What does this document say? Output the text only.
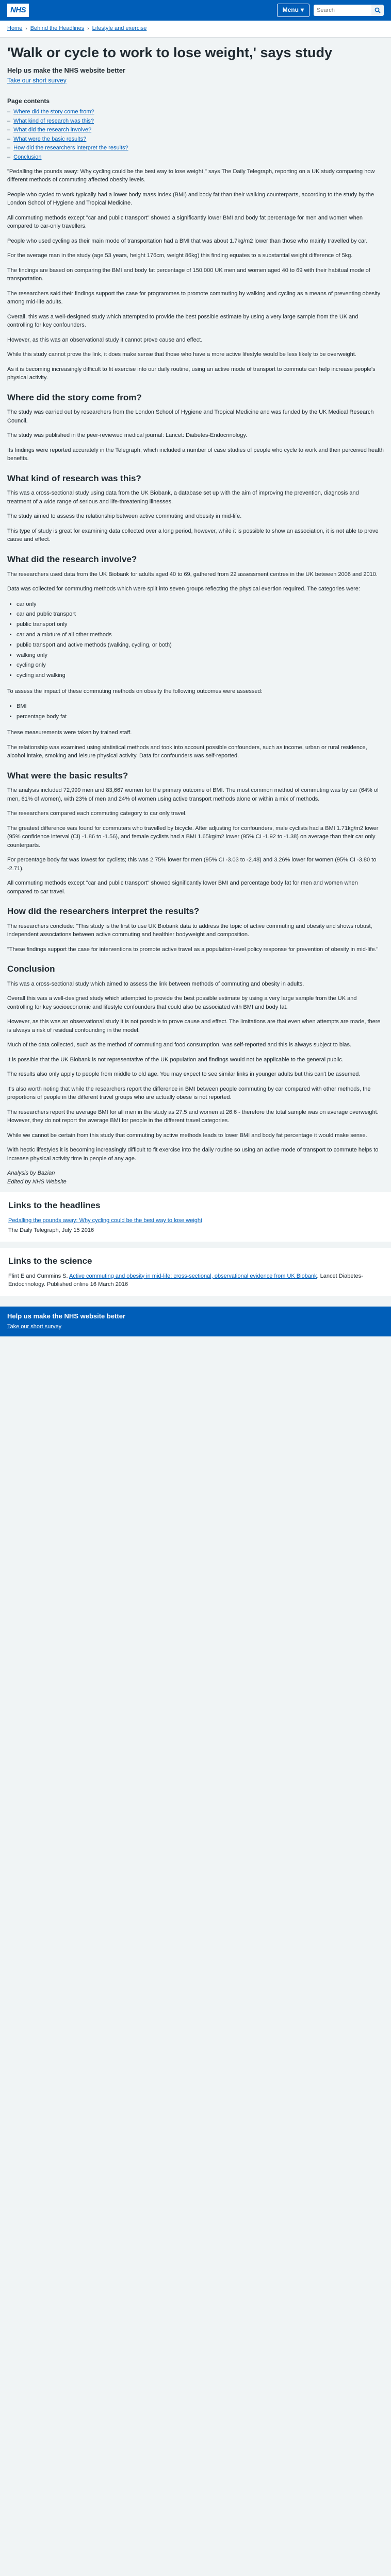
NHS	Menu ▾
Search
Home › Behind the Headlines › Lifestyle and exercise
'Walk or cycle to work to lose weight,' says study
Help us make the NHS website better
Take our short survey
Page contents
– Where did the story come from?
– What kind of research was this?
– What did the research involve?
– What were the basic results?
– How did the researchers interpret the results?
– Conclusion

"Pedalling the pounds away: Why cycling could be the best way to lose weight," says The Daily Telegraph, reporting on a UK study comparing how different methods of commuting affected obesity levels.

People who cycled to work typically had a lower body mass index (BMI) and body fat than their walking counterparts, according to the study by the London School of Hygiene and Tropical Medicine.

All commuting methods except "car and public transport" showed a significantly lower BMI and body fat percentage for men and women when compared to car-only travellers.

People who used cycling as their main mode of transportation had a BMI that was about 1.7kg/m2 lower than those who mainly travelled by car.

For the average man in the study (age 53 years, height 176cm, weight 86kg) this finding equates to a substantial weight difference of 5kg.

The findings are based on comparing the BMI and body fat percentage of 150,000 UK men and women aged 40 to 69 with their habitual mode of transportation.

The researchers said their findings support the case for programmes to promote commuting by walking and cycling as a means of preventing obesity among mid-life adults.

Overall, this was a well-designed study which attempted to provide the best possible estimate by using a very large sample from the UK and controlling for key confounders.

However, as this was an observational study it cannot prove cause and effect.

While this study cannot prove the link, it does make sense that those who have a more active lifestyle would be less likely to be overweight.

As it is becoming increasingly difficult to fit exercise into our daily routine, using an active mode of transport to commute can help increase people's physical activity.

Where did the story come from?

The study was carried out by researchers from the London School of Hygiene and Tropical Medicine and was funded by the UK Medical Research Council.

The study was published in the peer-reviewed medical journal: Lancet: Diabetes-Endocrinology.

Its findings were reported accurately in the Telegraph, which included a number of case studies of people who cycle to work and their perceived health benefits.

What kind of research was this?

This was a cross-sectional study using data from the UK Biobank, a database set up with the aim of improving the prevention, diagnosis and treatment of a wide range of serious and life-threatening illnesses.

The study aimed to assess the relationship between active commuting and obesity in mid-life.

This type of study is great for examining data collected over a long period, however, while it is possible to show an association, it is not able to prove cause and effect.

What did the research involve?

The researchers used data from the UK Biobank for adults aged 40 to 69, gathered from 22 assessment centres in the UK between 2006 and 2010.

Data was collected for commuting methods which were split into seven groups reflecting the physical exertion required. The categories were:

• car only
• car and public transport
• public transport only
• car and a mixture of all other methods
• public transport and active methods (walking, cycling, or both)
• walking only
• cycling only
• cycling and walking

To assess the impact of these commuting methods on obesity the following outcomes were assessed:

• BMI
• percentage body fat

These measurements were taken by trained staff.

The relationship was examined using statistical methods and took into account possible confounders, such as income, urban or rural residence, alcohol intake, smoking and leisure physical activity. Data for confounders was self-reported.

What were the basic results?

The analysis included 72,999 men and 83,667 women for the primary outcome of BMI. The most common method of commuting was by car (64% of men, 61% of women), with 23% of men and 24% of women using active transport methods alone or within a mix of methods.

The researchers compared each commuting category to car only travel.

The greatest difference was found for commuters who travelled by bicycle. After adjusting for confounders, male cyclists had a BMI 1.71kg/m2 lower (95% confidence interval (CI) -1.86 to -1.56), and female cyclists had a BMI 1.65kg/m2 lower (95% CI -1.92 to -1.38) on average than their car only counterparts.

For percentage body fat was lowest for cyclists; this was 2.75% lower for men (95% CI -3.03 to -2.48) and 3.26% lower for women (95% CI -3.80 to -2.71).

All commuting methods except "car and public transport" showed significantly lower BMI and percentage body fat for men and women when compared to car travel.

How did the researchers interpret the results?

The researchers conclude: "This study is the first to use UK Biobank data to address the topic of active commuting and obesity and shows robust, independent associations between active commuting and healthier bodyweight and composition.

"These findings support the case for interventions to promote active travel as a population-level policy response for prevention of obesity in mid-life."

Conclusion

This was a cross-sectional study which aimed to assess the link between methods of commuting and obesity in adults.

Overall this was a well-designed study which attempted to provide the best possible estimate by using a very large sample from the UK and controlling for key socioeconomic and lifestyle confounders that could also be associated with BMI and body fat.

However, as this was an observational study it is not possible to prove cause and effect. The limitations are that even when attempts are made, there is always a risk of residual confounding in the model.

Much of the data collected, such as the method of commuting and food consumption, was self-reported and this is always subject to bias.

It is possible that the UK Biobank is not representative of the UK population and findings would not be applicable to the general public.

The results also only apply to people from middle to old age. You may expect to see similar links in younger adults but this can't be assumed.

It's also worth noting that while the researchers report the difference in BMI between people commuting by car compared with other methods, the proportions of people in the different travel groups who are actually obese is not reported.

The researchers report the average BMI for all men in the study as 27.5 and women at 26.6 - therefore the total sample was on average overweight. However, they do not report the average BMI for people in the different travel categories.

While we cannot be certain from this study that commuting by active methods leads to lower BMI and body fat percentage it would make sense.

With hectic lifestyles it is becoming increasingly difficult to fit exercise into the daily routine so using an active mode of transport to commute helps to increase physical activity time in people of any age.

Analysis by Bazian
Edited by NHS Website

Links to the headlines

Pedalling the pounds away: Why cycling could be the best way to lose weight

The Daily Telegraph, July 15 2016

Links to the science

Flint E and Cummins S. Active commuting and obesity in mid-life: cross-sectional, observational evidence from UK Biobank. Lancet Diabetes-Endocrinology. Published online 16 March 2016

Help us make the NHS website better
Take our short survey
